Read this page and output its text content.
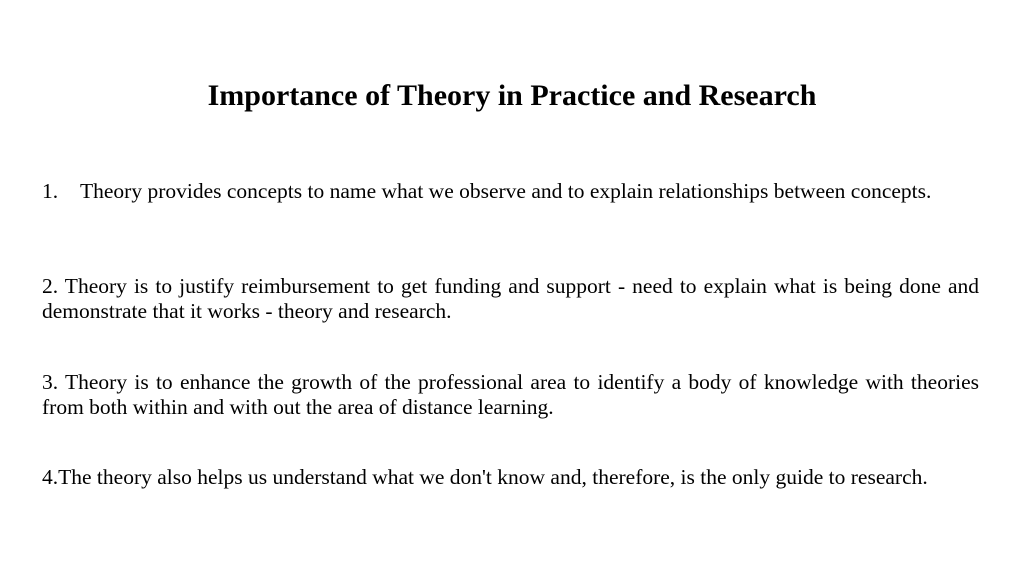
Importance of Theory in Practice and Research
1. Theory provides concepts to name what we observe and to explain relationships between concepts.
2. Theory is to justify reimbursement to get funding and support - need to explain what is being done and demonstrate that it works - theory and research.
3. Theory is to enhance the growth of the professional area to identify a body of knowledge with theories from both within and with out the area of distance learning.
4.The theory also helps us understand what we don't know and, therefore, is the only guide to research.
